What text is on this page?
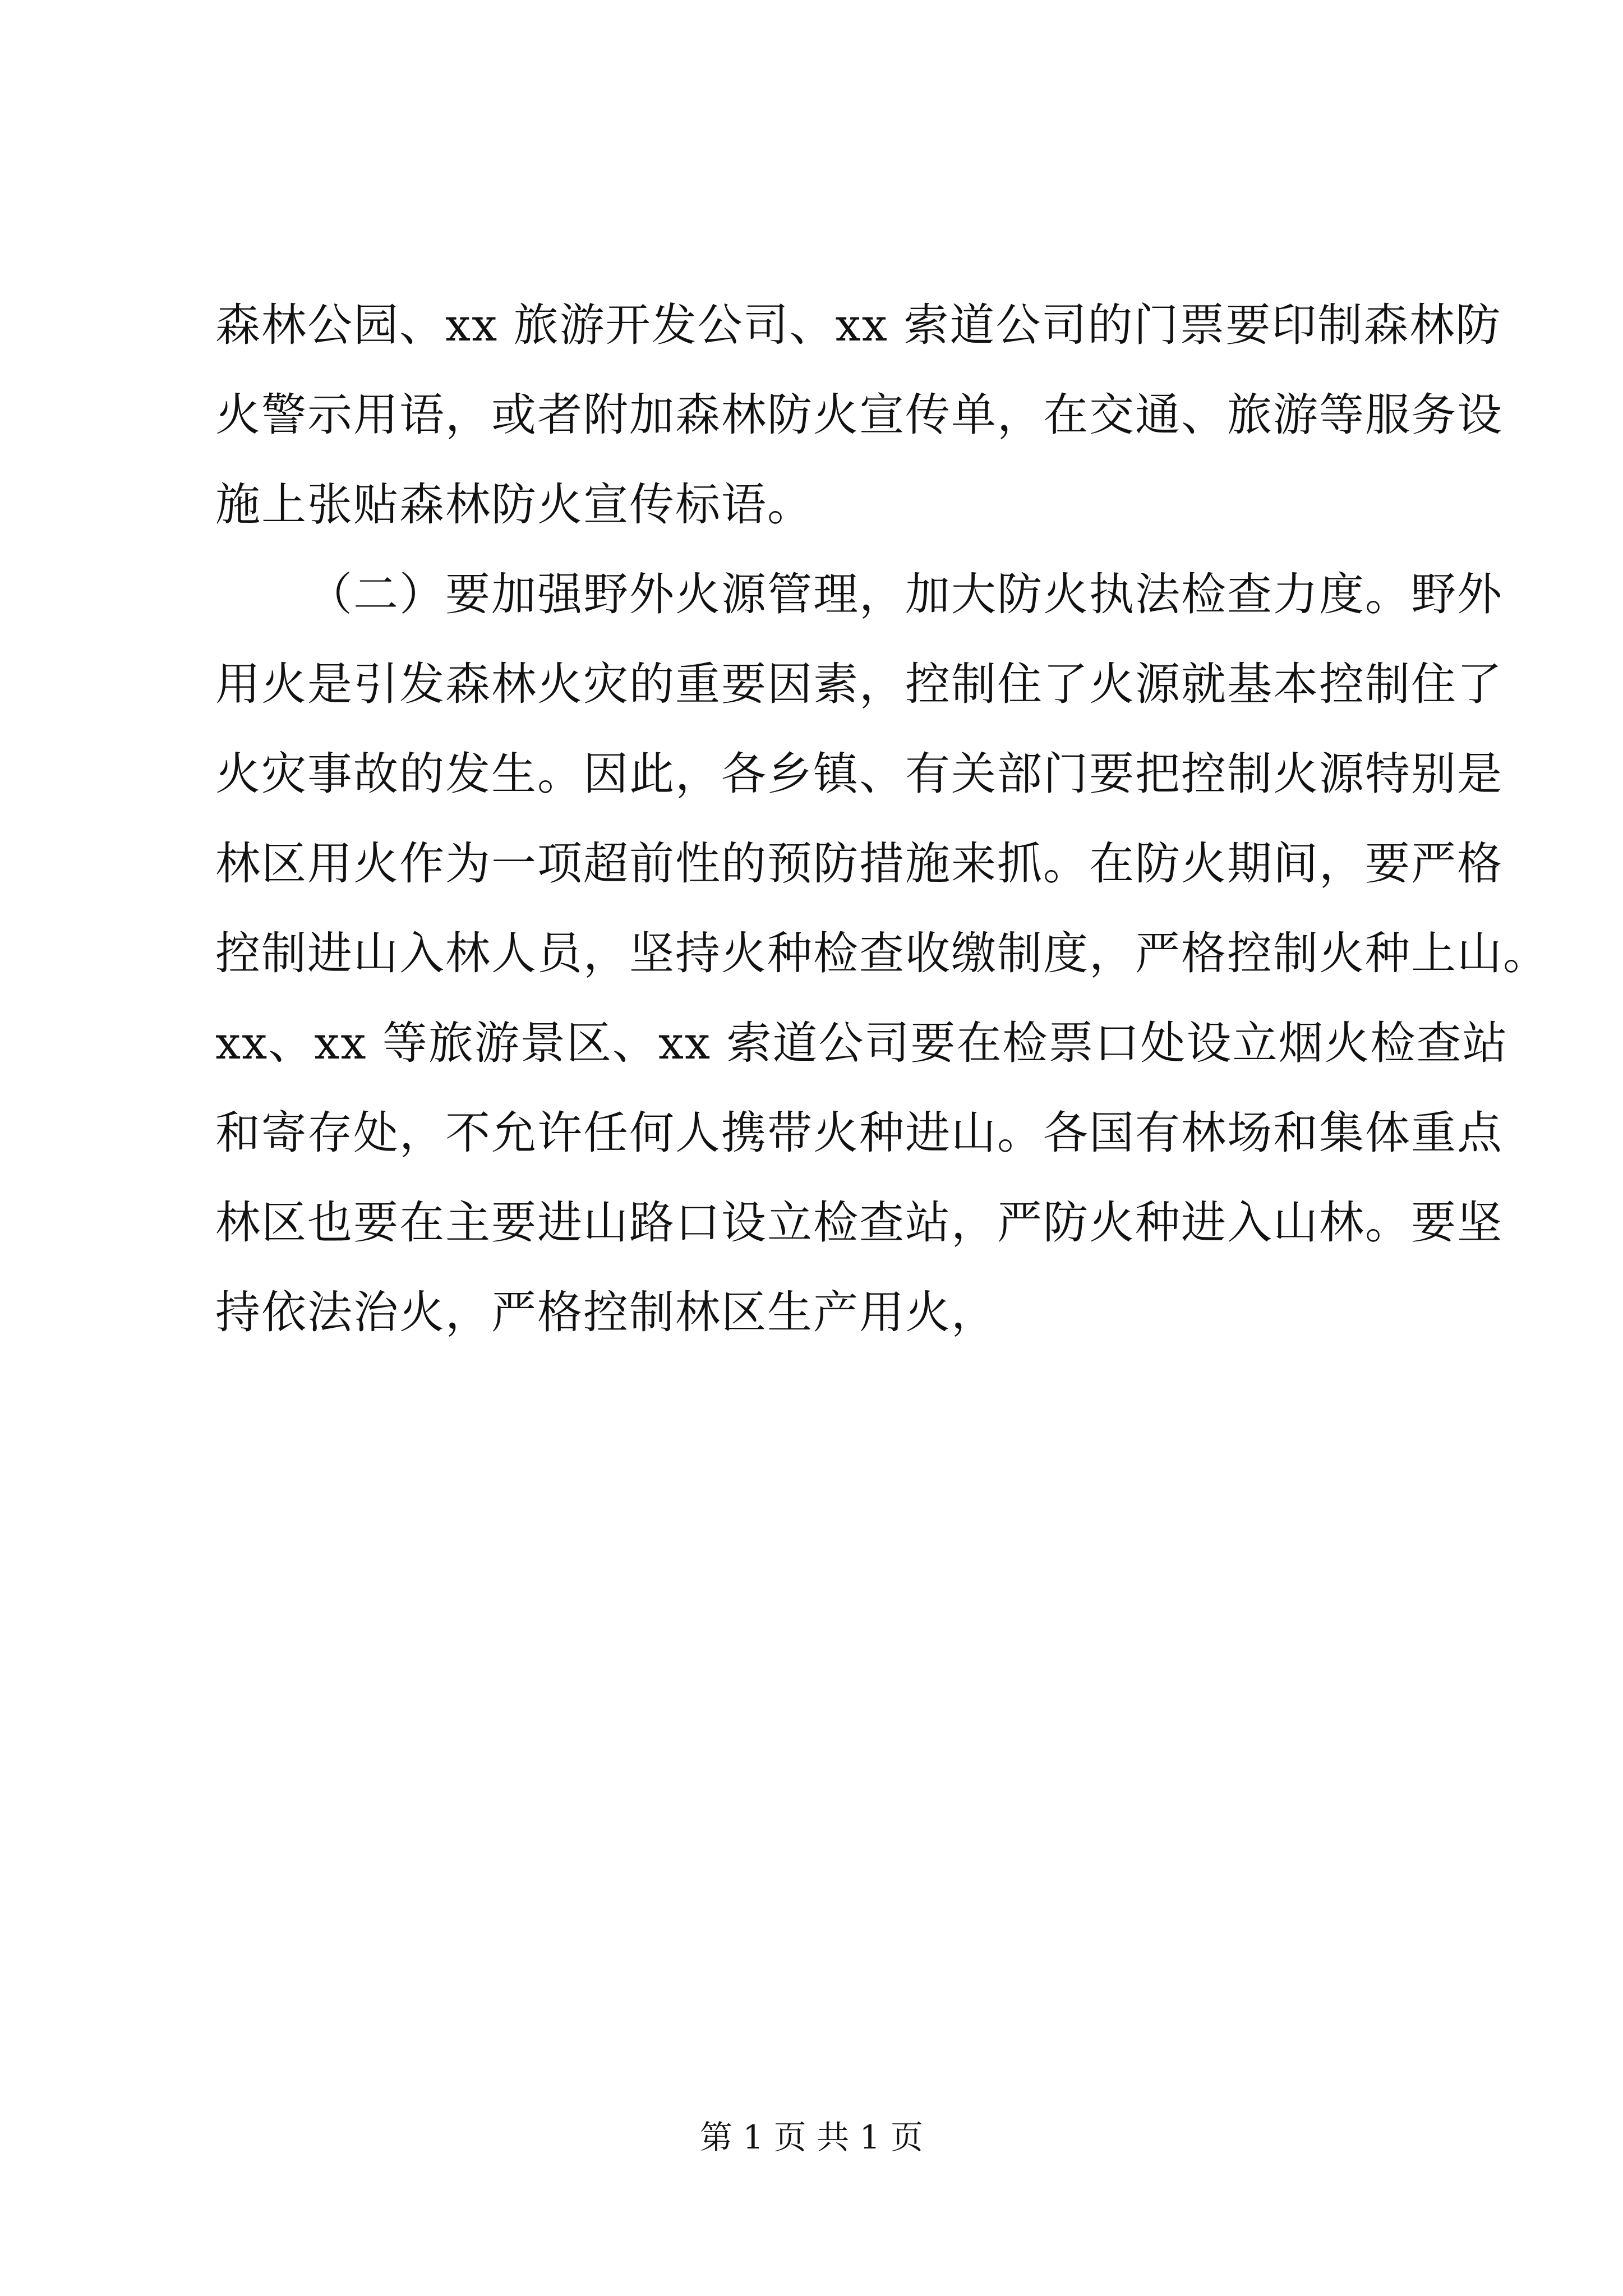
森林公园、xx 旅游开发公司、xx 索道公司的门票要印制森林防
火警示用语，或者附加森林防火宣传单，在交通、旅游等服务设
施上张贴森林防火宣传标语。
（二）要加强野外火源管理，加大防火执法检查力度。野外
用火是引发森林火灾的重要因素，控制住了火源就基本控制住了
火灾事故的发生。因此，各乡镇、有关部门要把控制火源特别是
林区用火作为一项超前性的预防措施来抓。在防火期间，要严格
控制进山入林人员，坚持火种检查收缴制度，严格控制火种上山。
xx、xx 等旅游景区、xx 索道公司要在检票口处设立烟火检查站
和寄存处，不允许任何人携带火种进山。各国有林场和集体重点
林区也要在主要进山路口设立检查站，严防火种进入山林。要坚
持依法治火，严格控制林区生产用火，
第 1 页 共 1 页
